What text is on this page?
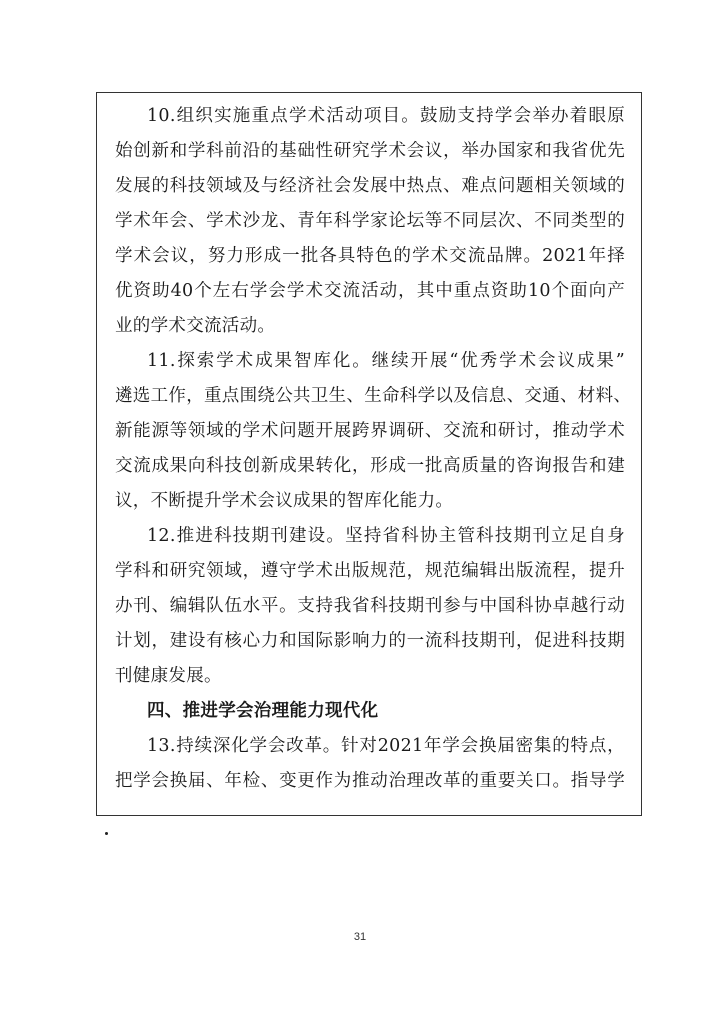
10.组织实施重点学术活动项目。鼓励支持学会举办着眼原
始创新和学科前沿的基础性研究学术会议，举办国家和我省优先
发展的科技领域及与经济社会发展中热点、难点问题相关领域的
学术年会、学术沙龙、青年科学家论坛等不同层次、不同类型的
学术会议，努力形成一批各具特色的学术交流品牌。2021年择
优资助40个左右学会学术交流活动，其中重点资助10个面向产
业的学术交流活动。
11.探索学术成果智库化。继续开展“优秀学术会议成果”
遴选工作，重点围绕公共卫生、生命科学以及信息、交通、材料、
新能源等领域的学术问题开展跨界调研、交流和研讨，推动学术
交流成果向科技创新成果转化，形成一批高质量的咨询报告和建
议，不断提升学术会议成果的智库化能力。
12.推进科技期刊建设。坚持省科协主管科技期刊立足自身
学科和研究领域，遵守学术出版规范，规范编辑出版流程，提升
办刊、编辑队伍水平。支持我省科技期刊参与中国科协卓越行动
计划，建设有核心力和国际影响力的一流科技期刊，促进科技期
刊健康发展。
四、推进学会治理能力现代化
13.持续深化学会改革。针对2021年学会换届密集的特点，
把学会换届、年检、变更作为推动治理改革的重要关口。指导学
31
